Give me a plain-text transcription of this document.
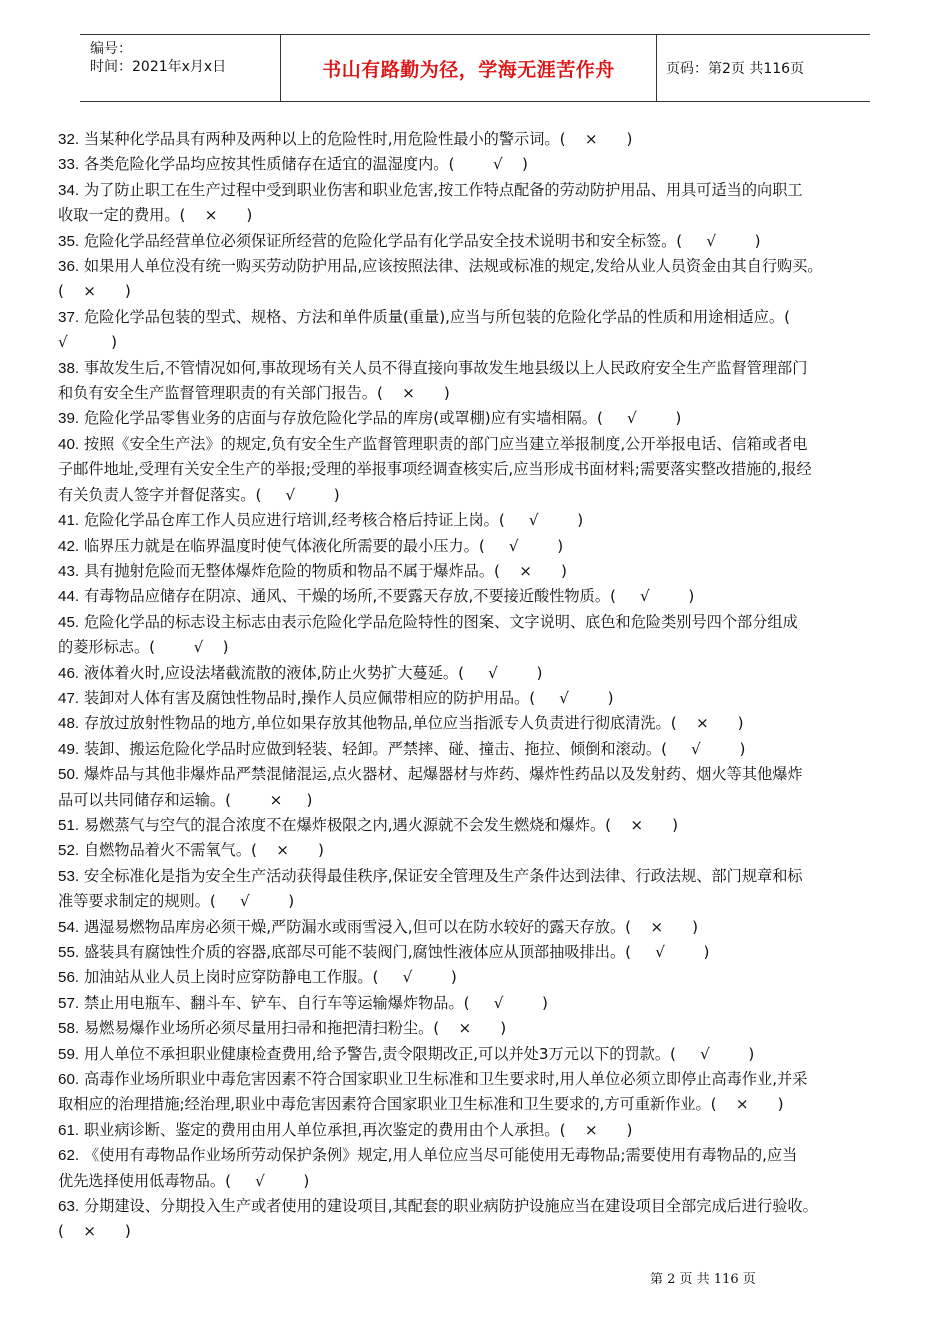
编号：
时间：2021年x月x日	书山有路勤为径，学海无涯苦作舟	页码：第2页 共116页
32. 当某种化学品具有两种及两种以上的危险性时,用危险性最小的警示词。(    ×      )
33. 各类危险化学品均应按其性质储存在适宜的温湿度内。(        √    )
34. 为了防止职工在生产过程中受到职业伤害和职业危害,按工作特点配备的劳动防护用品、用具可适当的向职工
收取一定的费用。(    ×      )
35. 危险化学品经营单位必须保证所经营的危险化学品有化学品安全技术说明书和安全标签。(     √        )
36. 如果用人单位没有统一购买劳动防护用品,应该按照法律、法规或标准的规定,发给从业人员资金由其自行购买。
(    ×      )
37. 危险化学品包装的型式、规格、方法和单件质量(重量),应当与所包装的危险化学品的性质和用途相适应。(
√         )
38. 事故发生后,不管情况如何,事故现场有关人员不得直接向事故发生地县级以上人民政府安全生产监督管理部门
和负有安全生产监督管理职责的有关部门报告。(    ×      )
39. 危险化学品零售业务的店面与存放危险化学品的库房(或罩棚)应有实墙相隔。(     √        )
40. 按照《安全生产法》的规定,负有安全生产监督管理职责的部门应当建立举报制度,公开举报电话、信箱或者电
子邮件地址,受理有关安全生产的举报;受理的举报事项经调查核实后,应当形成书面材料;需要落实整改措施的,报经
有关负责人签字并督促落实。(     √        )
41. 危险化学品仓库工作人员应进行培训,经考核合格后持证上岗。(     √        )
42. 临界压力就是在临界温度时使气体液化所需要的最小压力。(     √        )
43. 具有抛射危险而无整体爆炸危险的物质和物品不属于爆炸品。(    ×      )
44. 有毒物品应储存在阴凉、通风、干燥的场所,不要露天存放,不要接近酸性物质。(     √        )
45. 危险化学品的标志设主标志由表示危险化学品危险特性的图案、文字说明、底色和危险类别号四个部分组成
的菱形标志。(        √    )
46. 液体着火时,应设法堵截流散的液体,防止火势扩大蔓延。(     √        )
47. 装卸对人体有害及腐蚀性物品时,操作人员应佩带相应的防护用品。(     √        )
48. 存放过放射性物品的地方,单位如果存放其他物品,单位应当指派专人负责进行彻底清洗。(    ×      )
49. 装卸、搬运危险化学品时应做到轻装、轻卸。严禁摔、碰、撞击、拖拉、倾倒和滚动。(     √        )
50. 爆炸品与其他非爆炸品严禁混储混运,点火器材、起爆器材与炸药、爆炸性药品以及发射药、烟火等其他爆炸
品可以共同储存和运输。(        ×     )
51. 易燃蒸气与空气的混合浓度不在爆炸极限之内,遇火源就不会发生燃烧和爆炸。(    ×      )
52. 自燃物品着火不需氧气。(    ×      )
53. 安全标准化是指为安全生产活动获得最佳秩序,保证安全管理及生产条件达到法律、行政法规、部门规章和标
准等要求制定的规则。(     √        )
54. 遇湿易燃物品库房必须干燥,严防漏水或雨雪浸入,但可以在防水较好的露天存放。(    ×      )
55. 盛装具有腐蚀性介质的容器,底部尽可能不装阀门,腐蚀性液体应从顶部抽吸排出。(     √        )
56. 加油站从业人员上岗时应穿防静电工作服。(     √        )
57. 禁止用电瓶车、翻斗车、铲车、自行车等运输爆炸物品。(     √        )
58. 易燃易爆作业场所必须尽量用扫帚和拖把清扫粉尘。(    ×      )
59. 用人单位不承担职业健康检查费用,给予警告,责令限期改正,可以并处3万元以下的罚款。(     √        )
60. 高毒作业场所职业中毒危害因素不符合国家职业卫生标准和卫生要求时,用人单位必须立即停止高毒作业,并采
取相应的治理措施;经治理,职业中毒危害因素符合国家职业卫生标准和卫生要求的,方可重新作业。(    ×      )
61. 职业病诊断、鉴定的费用由用人单位承担,再次鉴定的费用由个人承担。(    ×      )
62. 《使用有毒物品作业场所劳动保护条例》规定,用人单位应当尽可能使用无毒物品;需要使用有毒物品的,应当
优先选择使用低毒物品。(     √        )
63. 分期建设、分期投入生产或者使用的建设项目,其配套的职业病防护设施应当在建设项目全部完成后进行验收。
(    ×      )
第 2 页 共 116 页
